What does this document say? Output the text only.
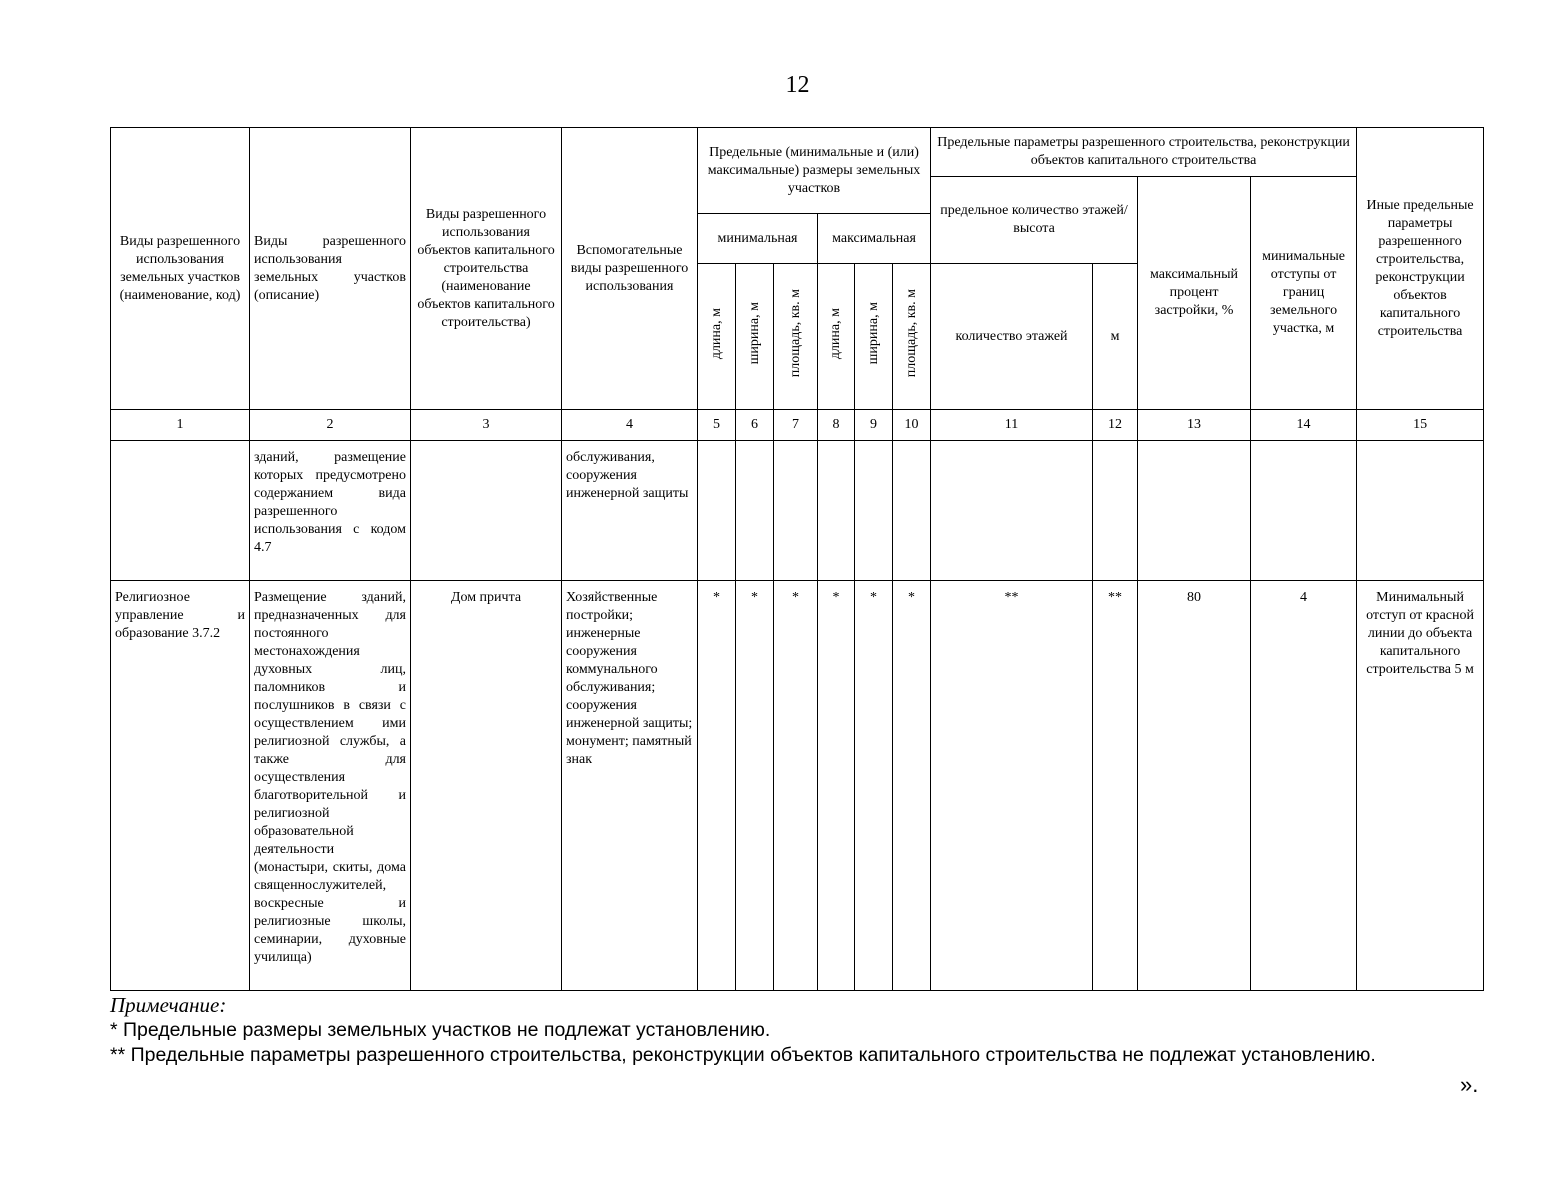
12
Виды разрешенного использования земельных участков (наименование, код)	Виды разрешенного использования земельных участков (описание)	Виды разрешенного использования объектов капитального строительства (наименование объектов капитального строительства)	Вспомогательные виды разрешенного использования	Предельные (минимальные и (или) максимальные) размеры земельных участков						Предельные параметры разрешенного строительства, реконструкции объектов капитального строительства				Иные предельные параметры разрешенного строительства, реконструкции объектов капитального строительства
										предельное количество этажей/высота		максимальный процент застройки, %	минимальные отступы от границ земельного участка, м	
				минимальная			максимальная							
				длина, м	ширина, м	площадь, кв. м	длина, м	ширина, м	площадь, кв. м	количество этажей	м			
1	2	3	4	5	6	7	8	9	10	11	12	13	14	15
	зданий, размещение которых предусмотрено содержанием вида разрешенного использования с кодом 4.7		обслуживания, сооружения инженерной защиты											
Религиозное управление и образование 3.7.2	Размещение зданий, предназначенных для постоянного местонахождения духовных лиц, паломников и послушников в связи с осуществлением ими религиозной службы, а также для осуществления благотворительной и религиозной образовательной деятельности (монастыри, скиты, дома священнослужителей, воскресные и религиозные школы, семинарии, духовные училища)	Дом причта	Хозяйственные постройки; инженерные сооружения коммунального обслуживания; сооружения инженерной защиты; монумент; памятный знак	*	*	*	*	*	*	**	**	80	4	Минимальный отступ от красной линии до объекта капитального строительства 5 м
Примечание:
* Предельные размеры земельных участков не подлежат установлению.
** Предельные параметры разрешенного строительства, реконструкции объектов капитального строительства не подлежат установлению.
».
